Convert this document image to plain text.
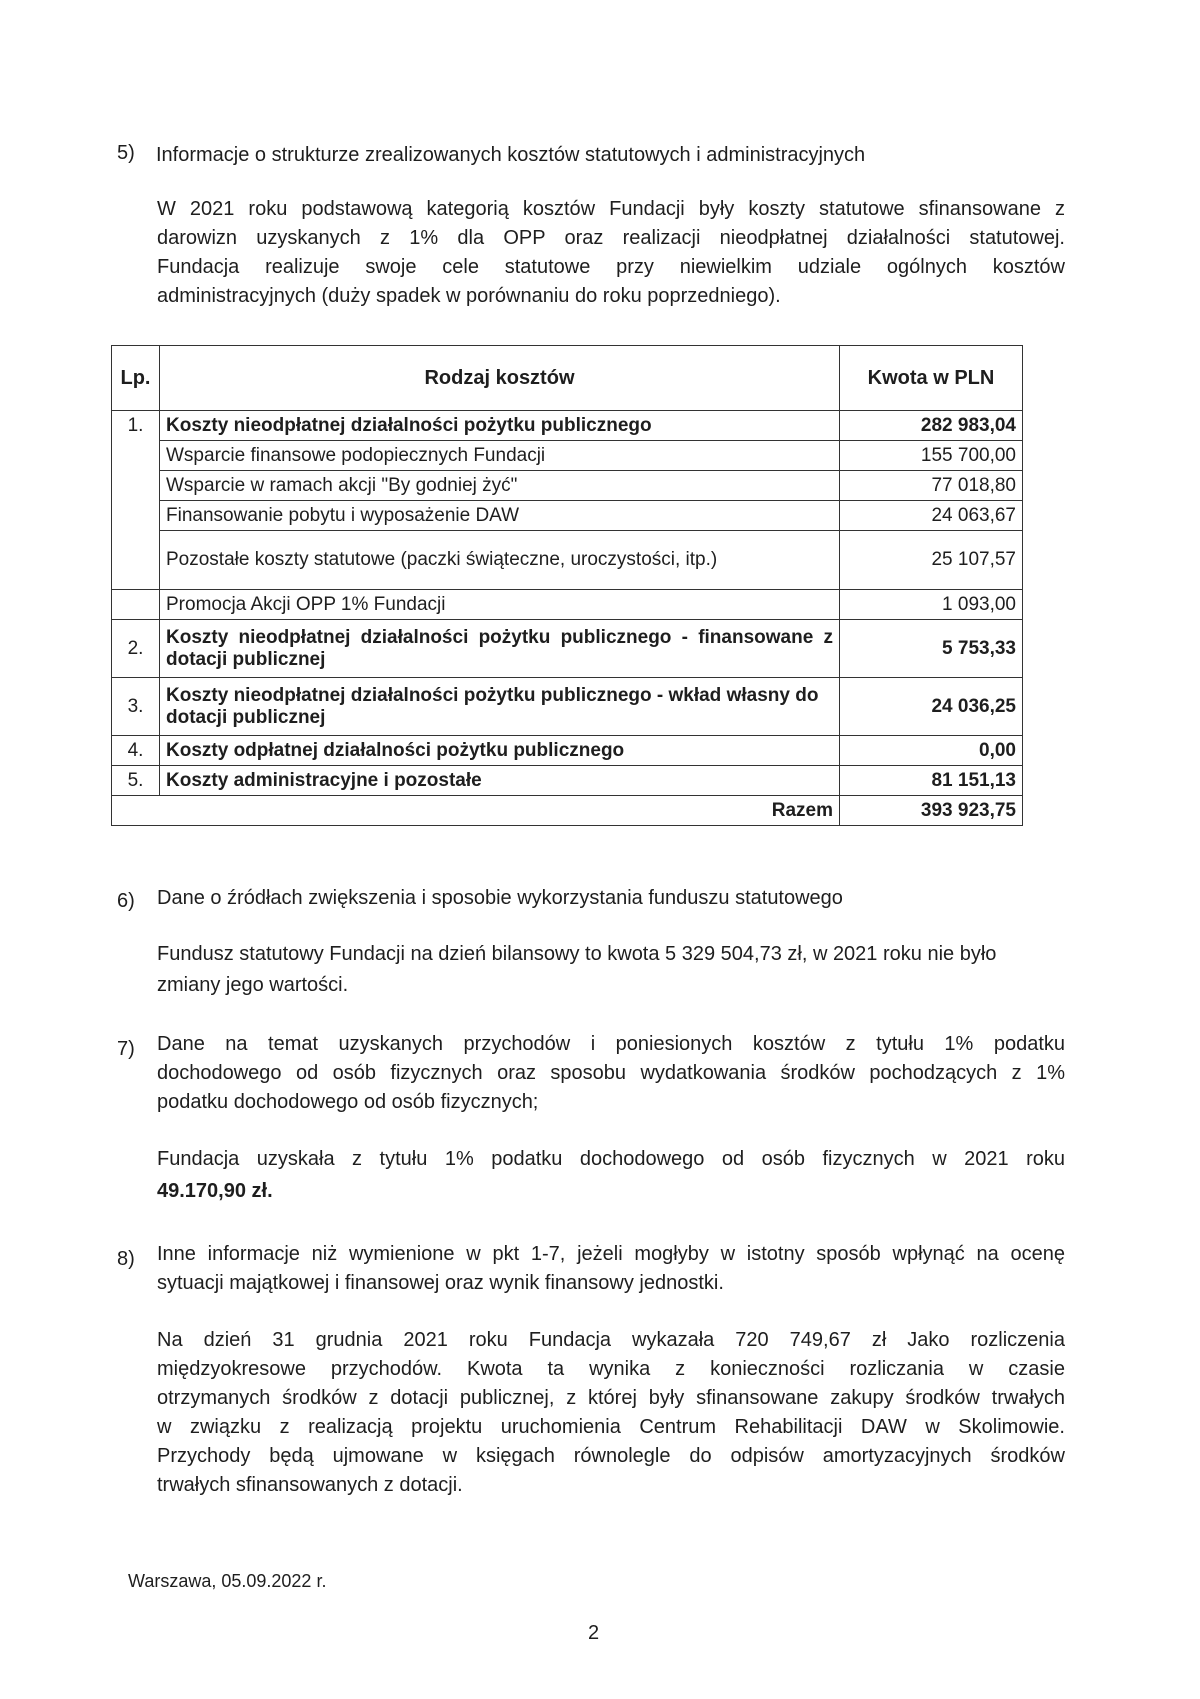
5) Informacje o strukturze zrealizowanych kosztów statutowych i administracyjnych
W 2021 roku podstawową kategorią kosztów Fundacji były koszty statutowe sfinansowane z
darowizn uzyskanych z 1% dla OPP oraz realizacji nieodpłatnej działalności statutowej.
Fundacja realizuje swoje cele statutowe przy niewielkim udziale ogólnych kosztów
administracyjnych (duży spadek w porównaniu do roku poprzedniego).
Lp.	Rodzaj kosztów	Kwota w PLN
1.	Koszty nieodpłatnej działalności pożytku publicznego	282 983,04
	Wsparcie finansowe podopiecznych Fundacji	155 700,00
	Wsparcie w ramach akcji "By godniej żyć"	77 018,80
	Finansowanie pobytu i wyposażenie DAW	24 063,67
	Pozostałe koszty statutowe (paczki świąteczne, uroczystości, itp.)	25 107,57
	Promocja Akcji OPP 1% Fundacji	1 093,00
2.	Koszty nieodpłatnej działalności pożytku publicznego - finansowane z dotacji publicznej	5 753,33
3.	Koszty nieodpłatnej działalności pożytku publicznego - wkład własny do dotacji publicznej	24 036,25
4.	Koszty odpłatnej działalności pożytku publicznego	0,00
5.	Koszty administracyjne i pozostałe	81 151,13
Razem		393 923,75
6) Dane o źródłach zwiększenia i sposobie wykorzystania funduszu statutowego
Fundusz statutowy Fundacji na dzień bilansowy to kwota 5 329 504,73 zł, w 2021 roku nie było
zmiany jego wartości.
7) Dane na temat uzyskanych przychodów i poniesionych kosztów z tytułu 1% podatku
dochodowego od osób fizycznych oraz sposobu wydatkowania środków pochodzących z 1%
podatku dochodowego od osób fizycznych;
Fundacja uzyskała z tytułu 1% podatku dochodowego od osób fizycznych w 2021 roku
49.170,90 zł.
8) Inne informacje niż wymienione w pkt 1-7, jeżeli mogłyby w istotny sposób wpłynąć na ocenę
sytuacji majątkowej i finansowej oraz wynik finansowy jednostki.
Na dzień 31 grudnia 2021 roku Fundacja wykazała 720 749,67 zł Jako rozliczenia
międzyokresowe przychodów. Kwota ta wynika z konieczności rozliczania w czasie
otrzymanych środków z dotacji publicznej, z której były sfinansowane zakupy środków trwałych
w związku z realizacją projektu uruchomienia Centrum Rehabilitacji DAW w Skolimowie.
Przychody będą ujmowane w księgach równolegle do odpisów amortyzacyjnych środków
trwałych sfinansowanych z dotacji.
Warszawa, 05.09.2022 r.
2
